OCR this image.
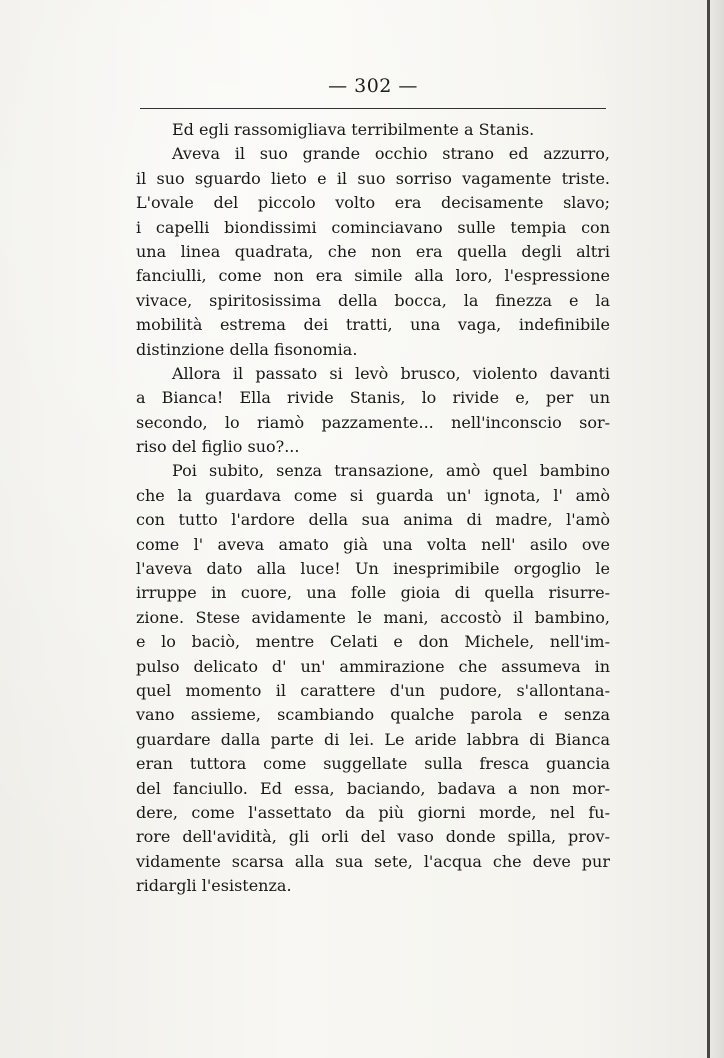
— 302 —
Ed egli rassomigliava terribilmente a Stanis.
Aveva il suo grande occhio strano ed azzurro,
il suo sguardo lieto e il suo sorriso vagamente triste.
L'ovale del piccolo volto era decisamente slavo;
i capelli biondissimi cominciavano sulle tempia con
una linea quadrata, che non era quella degli altri
fanciulli, come non era simile alla loro, l'espressione
vivace, spiritosissima della bocca, la finezza e la
mobilità estrema dei tratti, una vaga, indefinibile
distinzione della fisonomia.
Allora il passato si levò brusco, violento davanti
a Bianca! Ella rivide Stanis, lo rivide e, per un
secondo, lo riamò pazzamente... nell'inconscio sor-
riso del figlio suo?...
Poi subito, senza transazione, amò quel bambino
che la guardava come si guarda un' ignota, l' amò
con tutto l'ardore della sua anima di madre, l'amò
come l' aveva amato già una volta nell' asilo ove
l'aveva dato alla luce! Un inesprimibile orgoglio le
irruppe in cuore, una folle gioia di quella risurre-
zione. Stese avidamente le mani, accostò il bambino,
e lo baciò, mentre Celati e don Michele, nell'im-
pulso delicato d' un' ammirazione che assumeva in
quel momento il carattere d'un pudore, s'allontana-
vano assieme, scambiando qualche parola e senza
guardare dalla parte di lei. Le aride labbra di Bianca
eran tuttora come suggellate sulla fresca guancia
del fanciullo. Ed essa, baciando, badava a non mor-
dere, come l'assettato da più giorni morde, nel fu-
rore dell'avidità, gli orli del vaso donde spilla, prov-
vidamente scarsa alla sua sete, l'acqua che deve pur
ridargli l'esistenza.
